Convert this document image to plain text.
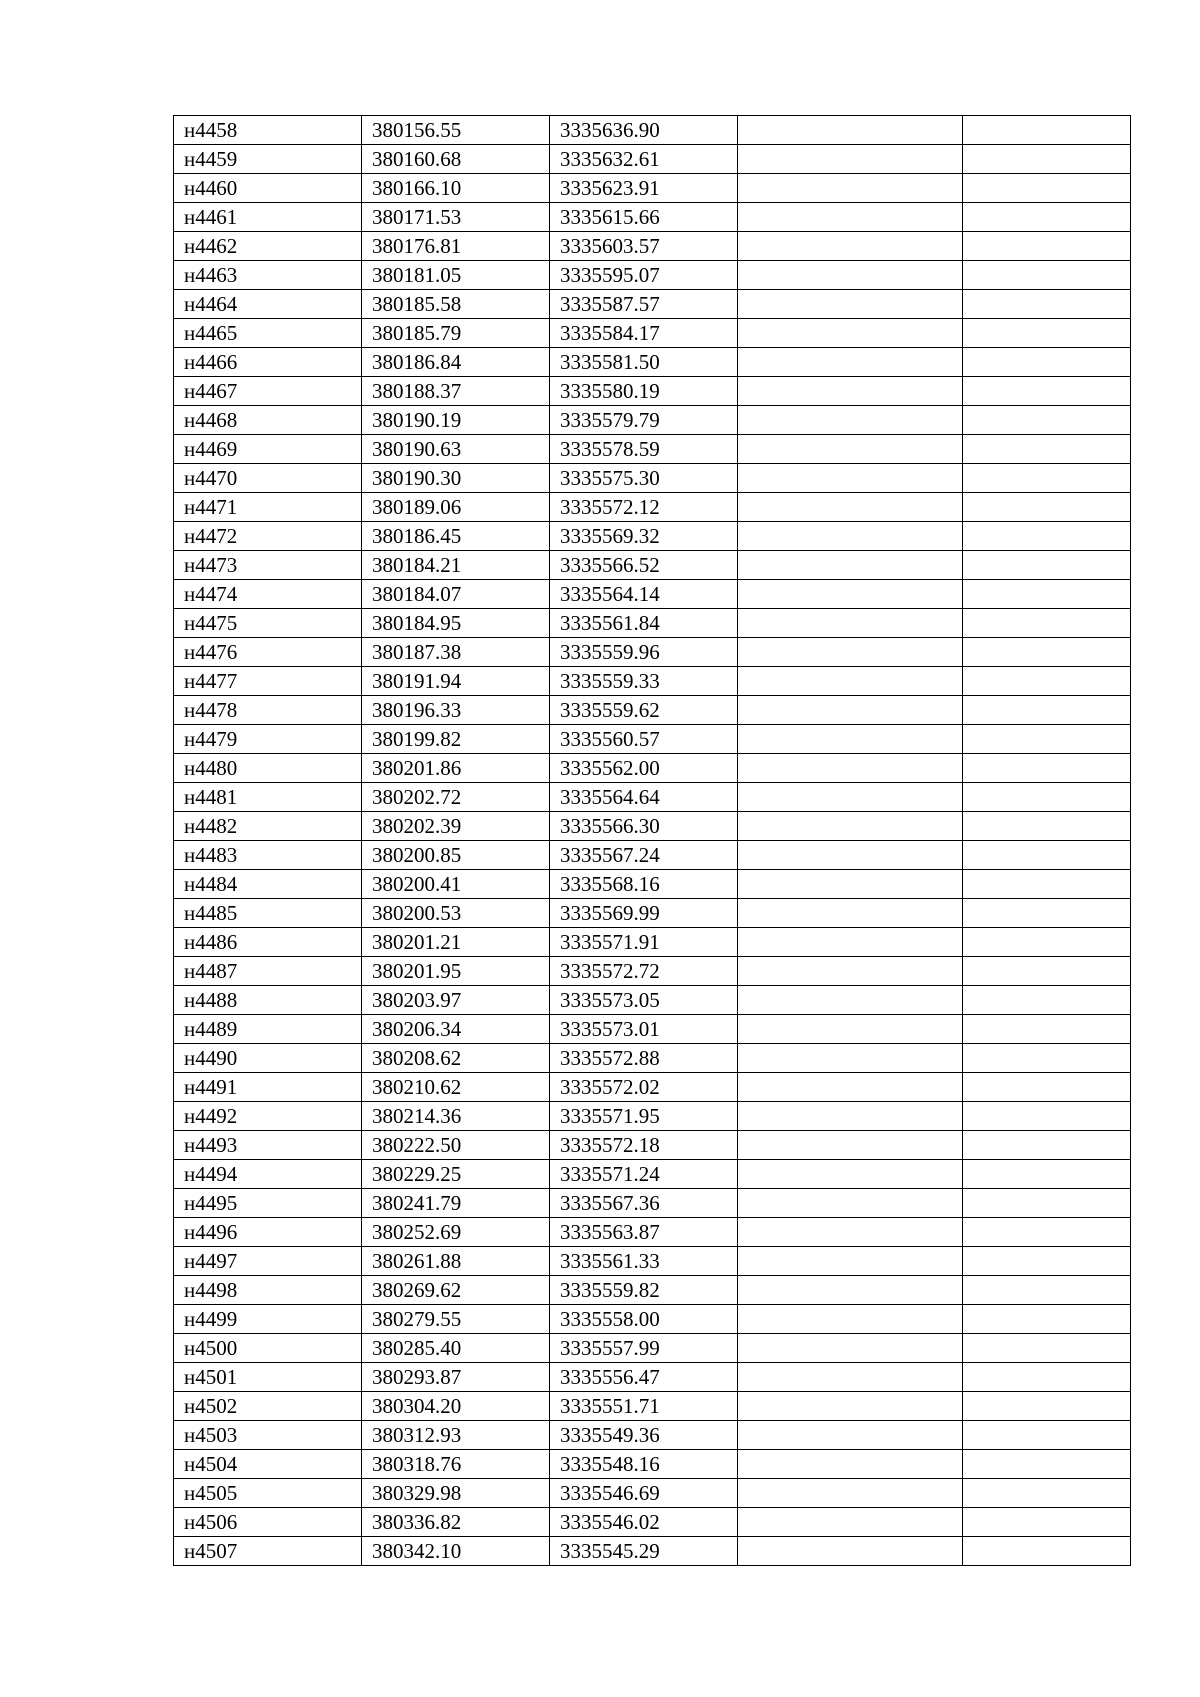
н4458	380156.55	3335636.90		
н4459	380160.68	3335632.61		
н4460	380166.10	3335623.91		
н4461	380171.53	3335615.66		
н4462	380176.81	3335603.57		
н4463	380181.05	3335595.07		
н4464	380185.58	3335587.57		
н4465	380185.79	3335584.17		
н4466	380186.84	3335581.50		
н4467	380188.37	3335580.19		
н4468	380190.19	3335579.79		
н4469	380190.63	3335578.59		
н4470	380190.30	3335575.30		
н4471	380189.06	3335572.12		
н4472	380186.45	3335569.32		
н4473	380184.21	3335566.52		
н4474	380184.07	3335564.14		
н4475	380184.95	3335561.84		
н4476	380187.38	3335559.96		
н4477	380191.94	3335559.33		
н4478	380196.33	3335559.62		
н4479	380199.82	3335560.57		
н4480	380201.86	3335562.00		
н4481	380202.72	3335564.64		
н4482	380202.39	3335566.30		
н4483	380200.85	3335567.24		
н4484	380200.41	3335568.16		
н4485	380200.53	3335569.99		
н4486	380201.21	3335571.91		
н4487	380201.95	3335572.72		
н4488	380203.97	3335573.05		
н4489	380206.34	3335573.01		
н4490	380208.62	3335572.88		
н4491	380210.62	3335572.02		
н4492	380214.36	3335571.95		
н4493	380222.50	3335572.18		
н4494	380229.25	3335571.24		
н4495	380241.79	3335567.36		
н4496	380252.69	3335563.87		
н4497	380261.88	3335561.33		
н4498	380269.62	3335559.82		
н4499	380279.55	3335558.00		
н4500	380285.40	3335557.99		
н4501	380293.87	3335556.47		
н4502	380304.20	3335551.71		
н4503	380312.93	3335549.36		
н4504	380318.76	3335548.16		
н4505	380329.98	3335546.69		
н4506	380336.82	3335546.02		
н4507	380342.10	3335545.29		
